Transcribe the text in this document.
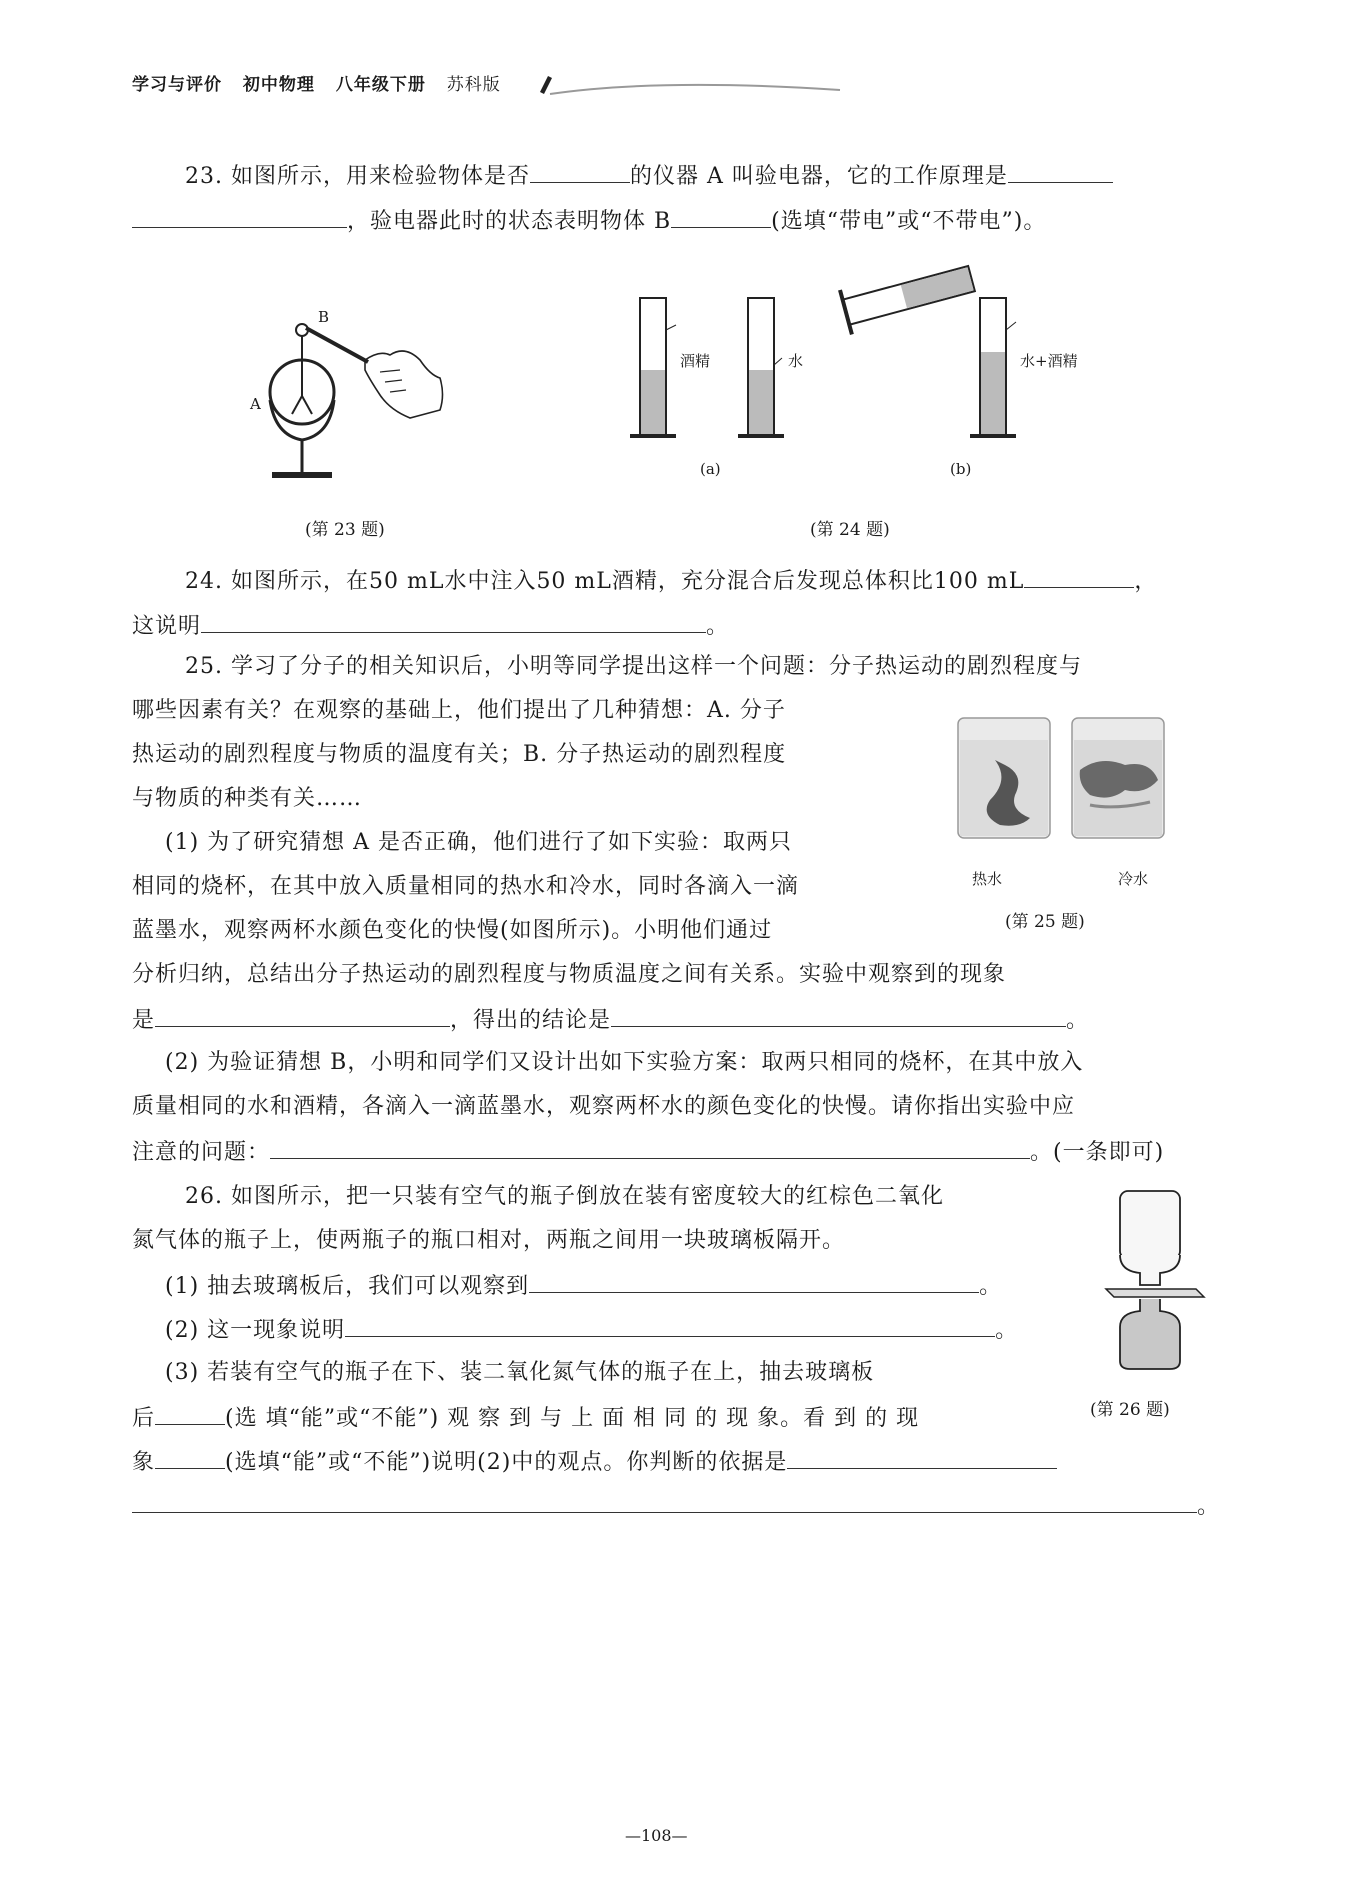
学习与评价 初中物理 八年级下册 苏科版
23. 如图所示，用来检验物体是否	的仪器 A 叫验电器，它的工作原理是
，验电器此时的状态表明物体 B	(选填“带电”或“不带电”)。
A
B
(第 23 题)
酒精	水	水+酒精
(a)	(b)
(第 24 题)
24. 如图所示，在50 mL水中注入50 mL酒精，充分混合后发现总体积比100 mL	，
这说明	。
25. 学习了分子的相关知识后，小明等同学提出这样一个问题：分子热运动的剧烈程度与
哪些因素有关？在观察的基础上，他们提出了几种猜想：A. 分子
热运动的剧烈程度与物质的温度有关；B. 分子热运动的剧烈程度
与物质的种类有关……
(1) 为了研究猜想 A 是否正确，他们进行了如下实验：取两只
相同的烧杯，在其中放入质量相同的热水和冷水，同时各滴入一滴
蓝墨水，观察两杯水颜色变化的快慢(如图所示)。小明他们通过
分析归纳，总结出分子热运动的剧烈程度与物质温度之间有关系。实验中观察到的现象
是	，得出的结论是	。
(2) 为验证猜想 B，小明和同学们又设计出如下实验方案：取两只相同的烧杯，在其中放入
质量相同的水和酒精，各滴入一滴蓝墨水，观察两杯水的颜色变化的快慢。请你指出实验中应
注意的问题：	。(一条即可)
热水	冷水
(第 25 题)
26. 如图所示，把一只装有空气的瓶子倒放在装有密度较大的红棕色二氧化
氮气体的瓶子上，使两瓶子的瓶口相对，两瓶之间用一块玻璃板隔开。
(1) 抽去玻璃板后，我们可以观察到	。
(2) 这一现象说明	。
(3) 若装有空气的瓶子在下、装二氧化氮气体的瓶子在上，抽去玻璃板
后	(选 填“能”或“不能”) 观 察 到 与 上 面 相 同 的 现 象。看 到 的 现
象	(选填“能”或“不能”)说明(2)中的观点。你判断的依据是
。
(第 26 题)
—108—
